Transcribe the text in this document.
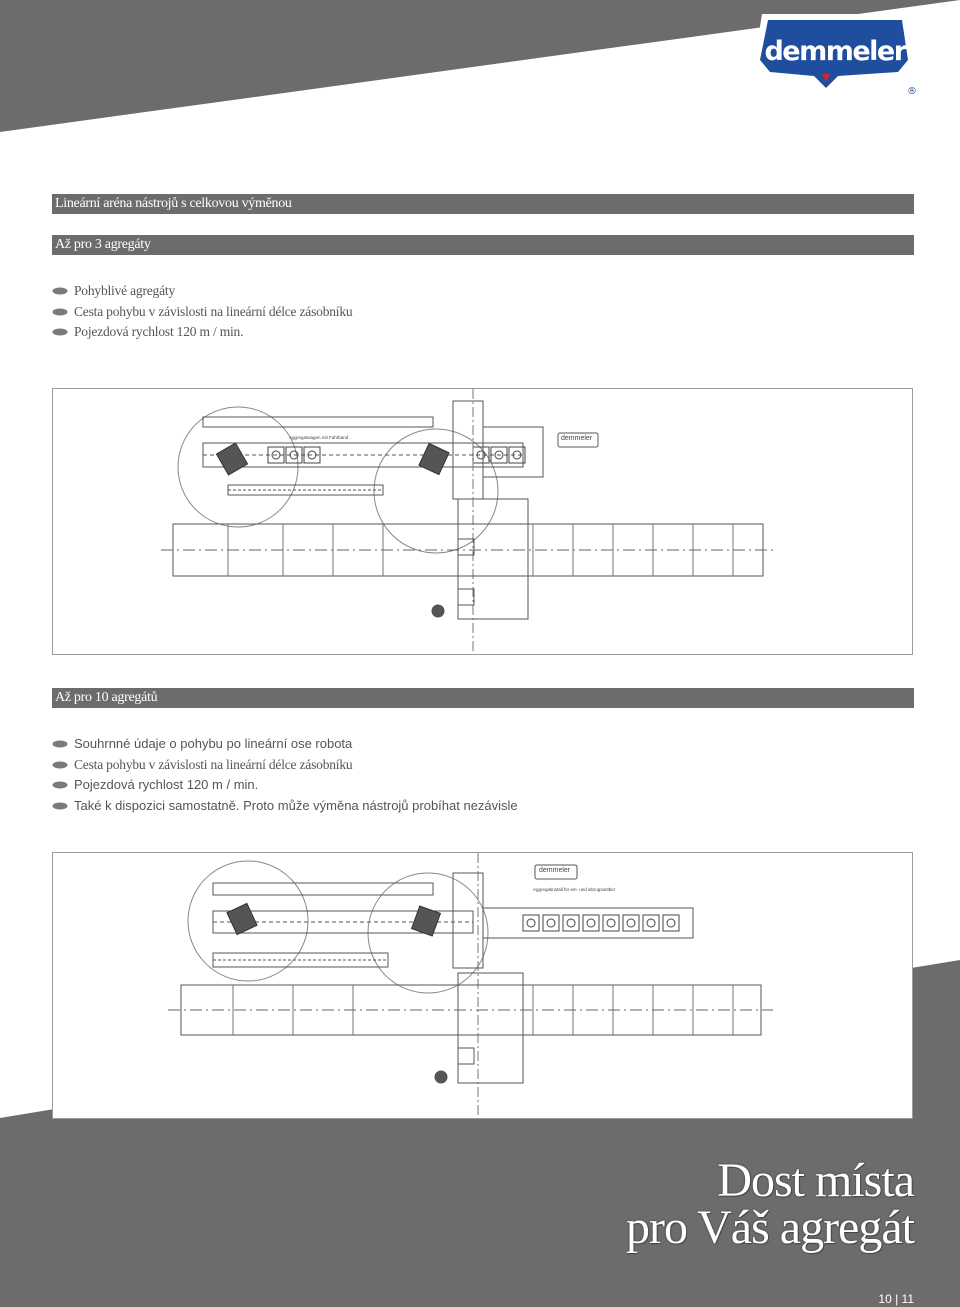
demmeler
®
Lineární aréna nástrojů s celkovou výměnou
Až pro 3 agregáty
Pohyblivé agregáty
Cesta pohybu v závislosti na lineární délce zásobníku
Pojezdová rychlost 120 m / min.
demmeler
Aggregatwagen mit Fahrband
Až pro 10 agregátů
Souhrnné údaje o pohybu po lineární ose robota
Cesta pohybu v závislosti na lineární délce zásobníku
Pojezdová rychlost 120 m / min.
Také k dispozici samostatně. Proto může výměna nástrojů probíhat nezávisle
demmeler
Aggregatinstall für ein- und abzugsantber
Dost místa
pro Váš agregát
10 | 11
